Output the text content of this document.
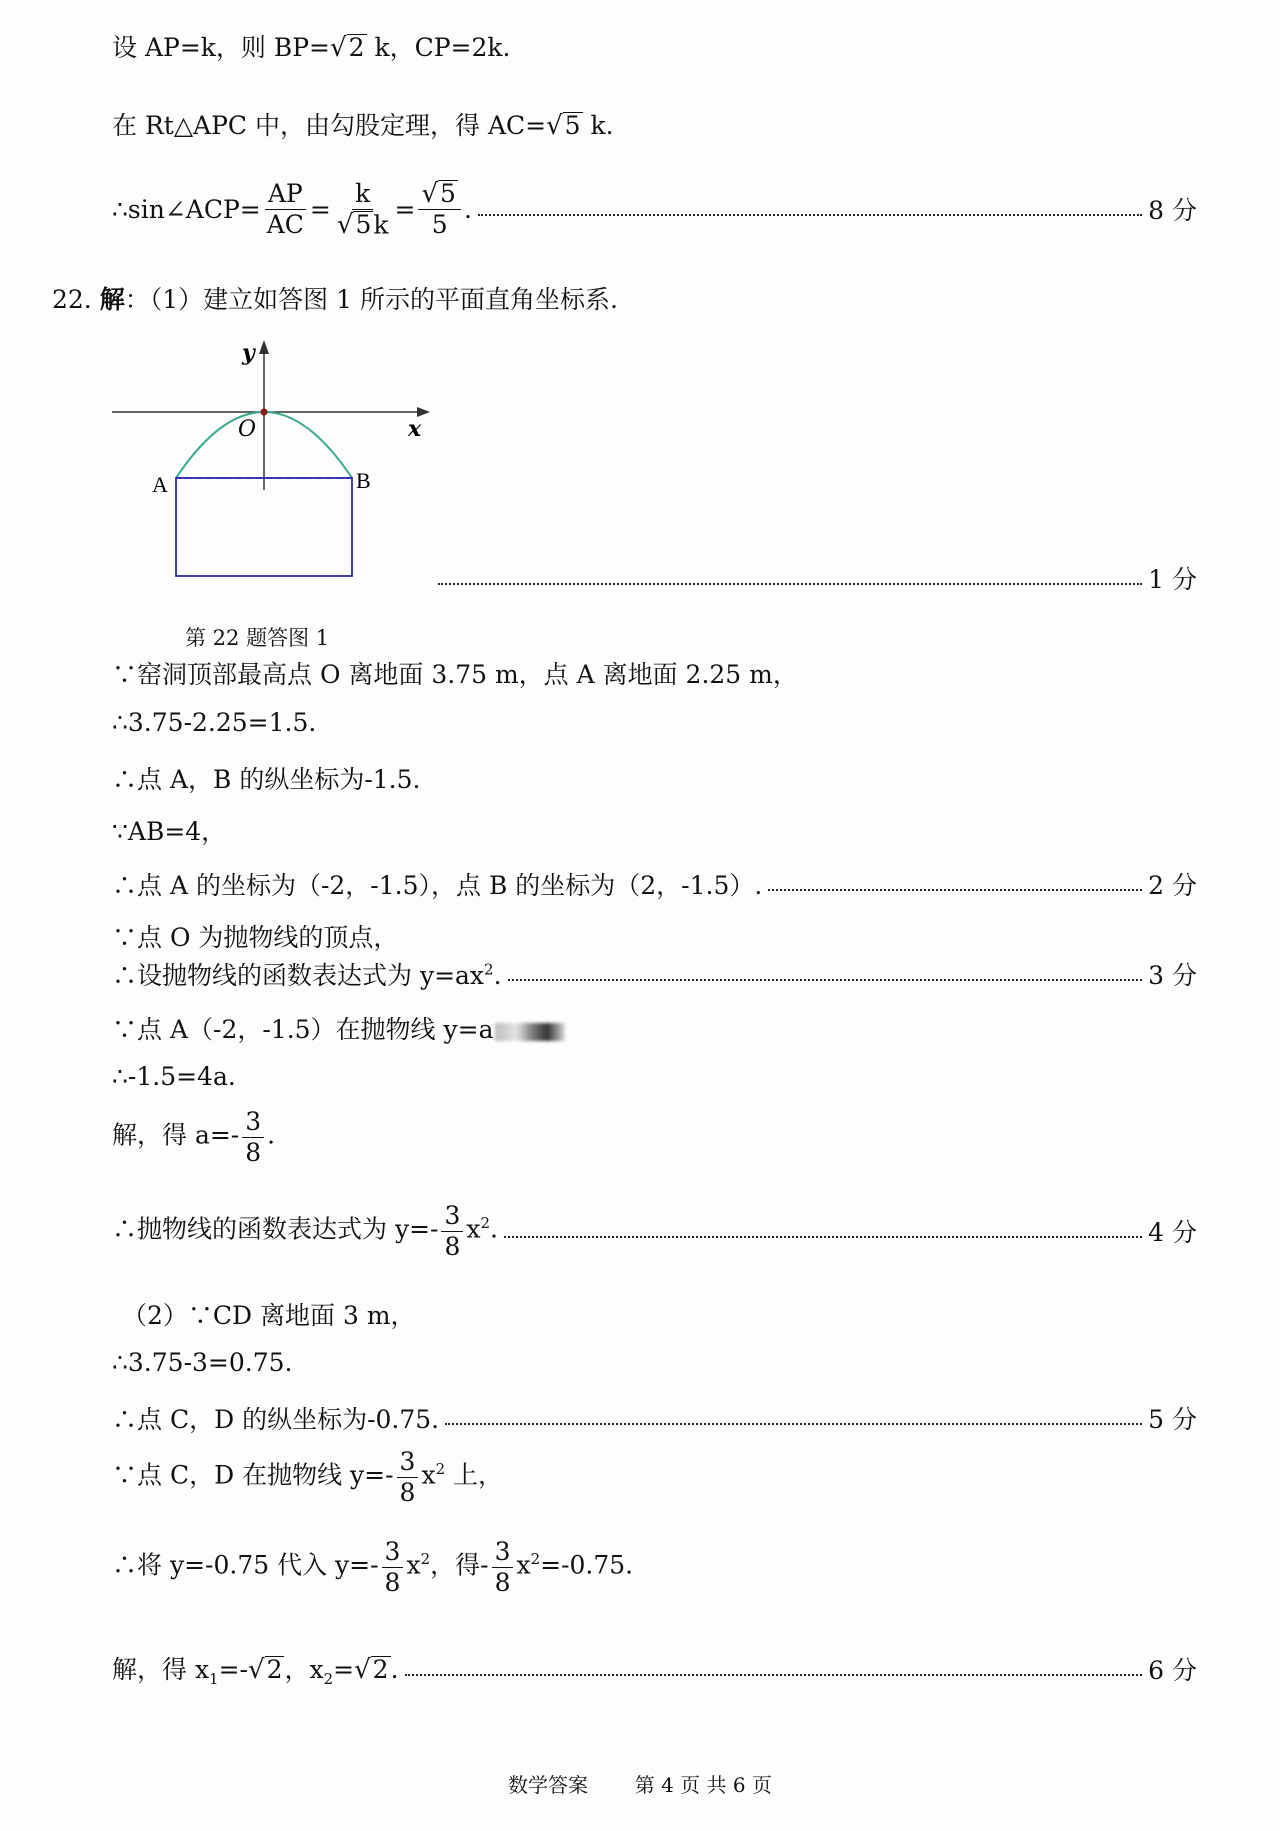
设 AP=k，则 BP= √ 2 k，CP=2k.
在 Rt△APC 中，由勾股定理，得 AC= √ 5 k.
∴sin∠ACP= $\frac{AP}{AC} = \frac{k}{√ 5 k} = \frac{√ 5}{5}$ .	8 分
22. 解：（1）建立如答图 1 所示的平面直角坐标系.
y
x
O
A	B
1 分
第 22 题答图 1
∵窑洞顶部最高点 O 离地面 3.75 m，点 A 离地面 2.25 m，
∴3.75-2.25=1.5.
∴点 A，B 的纵坐标为-1.5.
∵AB=4，
∴点 A 的坐标为（-2，-1.5），点 B 的坐标为（2，-1.5）.	2 分
∵点 O 为抛物线的顶点，
∴设抛物线的函数表达式为 $y=ax^2$.	3 分
∵点 A（-2，-1.5）在抛物线 y=a
∴-1.5=4a.
解，得 $a=- \frac{3}{8}$ .
∴抛物线的函数表达式为 $y=- \frac{3}{8} x^2$.	4 分
（2）∵CD 离地面 3 m，
∴3.75-3=0.75.
∴点 C，D 的纵坐标为-0.75.	5 分
∵点 C，D 在抛物线 $y=- \frac{3}{8} x^2$ 上，
∴将 y=-0.75 代入 $y=- \frac{3}{8} x^2$，得- $\frac{3}{8} x^2=-0.75$.
解，得 $x_1=-$ √ 2 ，$x_2=$ √ 2 .	6 分
数学答案 第 4 页 共 6 页
